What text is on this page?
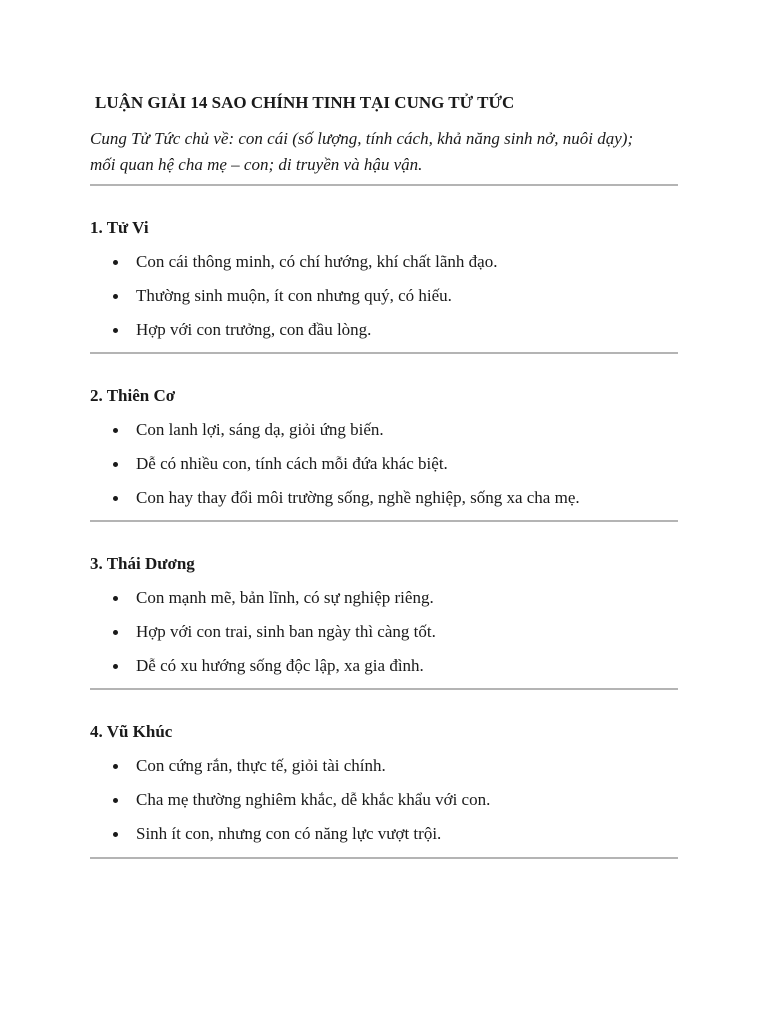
LUẬN GIẢI 14 SAO CHÍNH TINH TẠI CUNG TỬ TỨC
Cung Tử Tức chủ về: con cái (số lượng, tính cách, khả năng sinh nở, nuôi dạy);
mối quan hệ cha mẹ – con; di truyền và hậu vận.
1. Tử Vi
Con cái thông minh, có chí hướng, khí chất lãnh đạo.
Thường sinh muộn, ít con nhưng quý, có hiếu.
Hợp với con trưởng, con đầu lòng.
2. Thiên Cơ
Con lanh lợi, sáng dạ, giỏi ứng biến.
Dễ có nhiều con, tính cách mỗi đứa khác biệt.
Con hay thay đổi môi trường sống, nghề nghiệp, sống xa cha mẹ.
3. Thái Dương
Con mạnh mẽ, bản lĩnh, có sự nghiệp riêng.
Hợp với con trai, sinh ban ngày thì càng tốt.
Dễ có xu hướng sống độc lập, xa gia đình.
4. Vũ Khúc
Con cứng rắn, thực tế, giỏi tài chính.
Cha mẹ thường nghiêm khắc, dễ khắc khẩu với con.
Sinh ít con, nhưng con có năng lực vượt trội.
